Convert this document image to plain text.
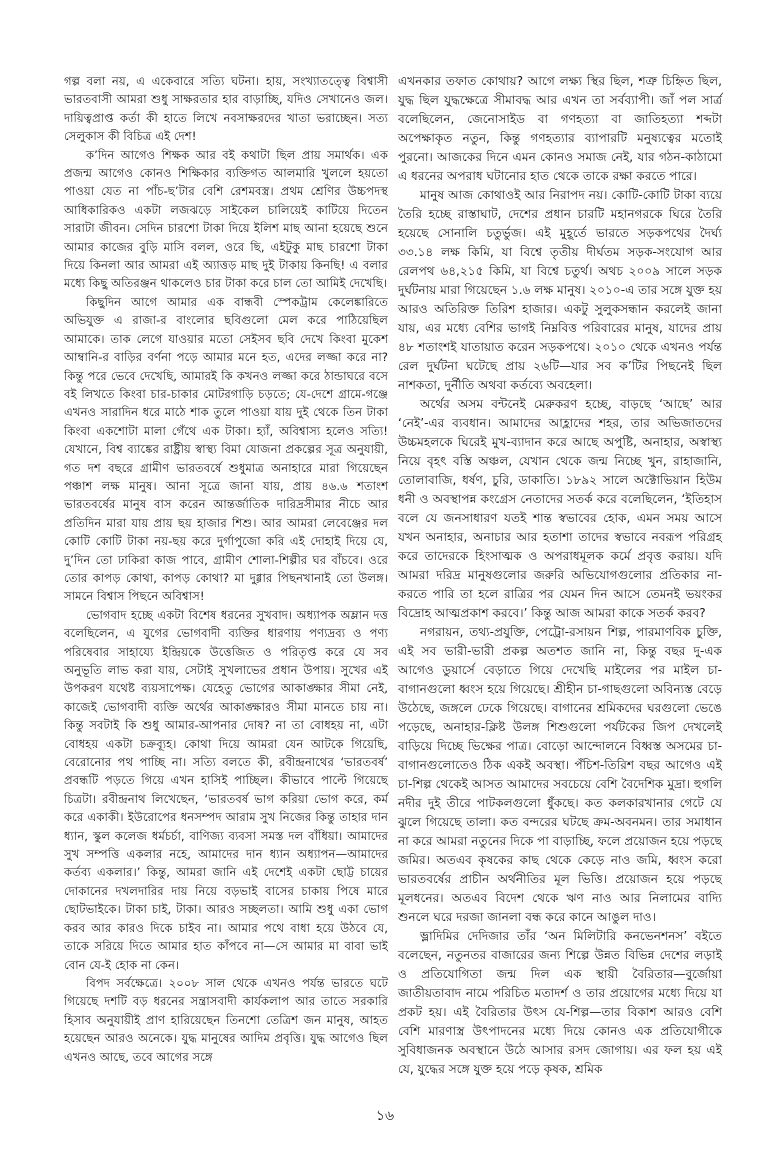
গল্প বলা নয়, এ একেবারে সত্যি ঘটনা। হায়, সংখ্যাতত্ত্বে বিশ্বাসী ভারতবাসী আমরা শুধু সাক্ষরতার হার বাড়াচ্ছি, যদিও সেখানেও জল। দায়িত্বপ্রাপ্ত কর্তা কী হাতে লিখে নবসাক্ষরদের খাতা ভরাচ্ছেন। সত্য সেলুকাস কী বিচিত্র এই দেশ!

ক’দিন আগেও শিক্ষক আর বই কথাটা ছিল প্রায় সমার্থক। এক প্রজন্ম আগেও কোনও শিক্ষিকার ব্যক্তিগত আলমারি খুললে হয়তো পাওয়া যেত না পাঁচ-ছ’টার বেশি রেশমবস্ত্র। প্রথম শ্রেণির উচ্চপদস্থ আধিকারিকও একটা লজঝড়ে সাইকেল চালিয়েই কাটিয়ে দিতেন সারাটা জীবন। সেদিন চারশো টাকা দিয়ে ইলিশ মাছ আনা হয়েছে শুনে আমার কাজের বুড়ি মাসি বলল, ওরে ছি, এইটুকু মাছ চারশো টাকা দিয়ে কিনলা আর আমরা এই অ্যাত্তড় মাছ দুই টাকায় কিনছি! এ বলার মধ্যে কিছু অতিরঞ্জন থাকলেও চার টাকা করে চাল তো আমিই দেখেছি।

কিছুদিন আগে আমার এক বান্ধবী স্পেকট্রাম কেলেঙ্কারিতে অভিযুক্ত এ রাজা-র বাংলোর ছবিগুলো মেল করে পাঠিয়েছিল আমাকে। তাক লেগে যাওয়ার মতো সেইসব ছবি দেখে কিংবা মুকেশ আম্বানি-র বাড়ির বর্ণনা পড়ে আমার মনে হত, এদের লজ্জা করে না? কিন্তু পরে ভেবে দেখেছি, আমারই কি কখনও লজ্জা করে ঠান্ডাঘরে বসে বই লিখতে কিংবা চার-চাকার মোটরগাড়ি চড়তে; যে-দেশে গ্রামে-গঞ্জে এখনও সারাদিন ধরে মাঠে শাক তুলে পাওয়া যায় দুই থেকে তিন টাকা কিংবা একশোটা মালা গেঁথে এক টাকা। হ্যাঁ, অবিশ্বাস্য হলেও সত্যি! যেখানে, বিশ্ব ব্যাঙ্কের রাষ্ট্রীয় স্বাস্থ্য বিমা যোজনা প্রকল্পের সূত্র অনুযায়ী, গত দশ বছরে গ্রামীণ ভারতবর্ষে শুধুমাত্র অনাহারে মারা গিয়েছেন পঞ্চাশ লক্ষ মানুষ। আনা সূত্রে জানা যায়, প্রায় ৪৬.৬ শতাংশ ভারতবর্ষের মানুষ বাস করেন আন্তর্জাতিক দারিদ্রসীমার নীচে আর প্রতিদিন মারা যায় প্রায় ছয় হাজার শিশু। আর আমরা লেবেঞ্জের দল কোটি কোটি টাকা নয়-ছয় করে দুর্গাপুজো করি এই দোহাই দিয়ে যে, দু’দিন তো ঢাকিরা কাজ পাবে, গ্রামীণ শোলা-শিল্পীর ঘর বাঁচবে। ওরে তোর কাপড় কোথা, কাপড় কোথা? মা দুগ্গার পিছনখানাই তো উলঙ্গ। সামনে বিশ্বাস পিছনে অবিশ্বাস!

ভোগবাদ হচ্ছে একটা বিশেষ ধরনের সুখবাদ। অধ্যাপক অম্লান দত্ত বলেছিলেন, এ যুগের ভোগবাদী ব্যক্তির ধারণায় পণ্যদ্রব্য ও পণ্য পরিষেবার সাহায্যে ইন্দ্রিয়কে উত্তেজিত ও পরিতৃপ্ত করে যে সব অনুভূতি লাভ করা যায়, সেটাই সুখলাভের প্রধান উপায়। সুখের এই উপকরণ যথেষ্ট ব্যয়সাপেক্ষ। যেহেতু ভোগের আকাঙ্ক্ষার সীমা নেই, কাজেই ভোগবাদী ব্যক্তি অর্থের আকাঙ্ক্ষারও সীমা মানতে চায় না। কিন্তু সবটাই কি শুধু আমার-আপনার দোষ? না তা বোধহয় না, এটা বোধহয় একটা চক্রব্যূহ। কোথা দিয়ে আমরা যেন আটকে গিয়েছি, বেরোনোর পথ পাচ্ছি না। সত্যি বলতে কী, রবীন্দ্রনাথের ‘ভারতবর্ষ’ প্রবন্ধটি পড়তে গিয়ে এখন হাসিই পাচ্ছিল। কীভাবে পাল্টে গিয়েছে চিত্রটা। রবীন্দ্রনাথ লিখেছেন, ‘ভারতবর্ষ ভাগ করিয়া ভোগ করে, কর্ম করে একাকী। ইউরোপের ধনসম্পদ আরাম সুখ নিজের কিন্তু তাহার দান ধ্যান, স্কুল কলেজ ধর্মচর্চা, বাণিজ্য ব্যবসা সমস্ত দল বাঁধিয়া। আমাদের সুখ সম্পত্তি একলার নহে, আমাদের দান ধ্যান অধ্যাপন—আমাদের কর্তব্য একলার।’ কিন্তু, আমরা জানি এই দেশেই একটা ছোট্ট চায়ের দোকানের দখলদারির দায় নিয়ে বড়ভাই বাসের চাকায় পিষে মারে ছোটভাইকে। টাকা চাই, টাকা। আরও সচ্ছলতা। আমি শুধু একা ভোগ করব আর কারও দিকে চাইব না। আমার পথে বাধা হয়ে উঠবে যে, তাকে সরিয়ে দিতে আমার হাত কাঁপবে না—সে আমার মা বাবা ভাই বোন যে-ই হোক না কেন।

বিপদ সর্বক্ষেত্রে। ২০০৮ সাল থেকে এখনও পর্যন্ত ভারতে ঘটে গিয়েছে দশটি বড় ধরনের সন্ত্রাসবাদী কার্যকলাপ আর তাতে সরকারি হিসাব অনুযায়ীই প্রাণ হারিয়েছেন তিনশো তেত্রিশ জন মানুষ, আহত হয়েছেন আরও অনেকে। যুদ্ধ মানুষের আদিম প্রবৃত্তি। যুদ্ধ আগেও ছিল এখনও আছে, তবে আগের সঙ্গে

এখনকার তফাত কোথায়? আগে লক্ষ্য স্থির ছিল, শত্রু চিহ্নিত ছিল, যুদ্ধ ছিল যুদ্ধক্ষেত্রে সীমাবদ্ধ আর এখন তা সর্বব্যাপী। জাঁ পল সার্ত্র বলেছিলেন, জেনোসাইড বা গণহত্যা বা জাতিহত্যা শব্দটা অপেক্ষাকৃত নতুন, কিন্তু গণহত্যার ব্যাপারটি মনুষ্যত্বের মতোই পুরনো। আজকের দিনে এমন কোনও সমাজ নেই, যার গঠন-কাঠামো এ ধরনের অপরাধ ঘটানোর হাত থেকে তাকে রক্ষা করতে পারে।

মানুষ আজ কোথাওই আর নিরাপদ নয়। কোটি-কোটি টাকা ব্যয়ে তৈরি হচ্ছে রাস্তাঘাট, দেশের প্রধান চারটি মহানগরকে ঘিরে তৈরি হয়েছে সোনালি চতুর্ভুজ। এই মুহূর্তে ভারতে সড়কপথের দৈর্ঘ্য ৩৩.১৪ লক্ষ কিমি, যা বিশ্বে তৃতীয় দীর্ঘতম সড়ক-সংযোগ আর রেলপথ ৬৪,২১৫ কিমি, যা বিশ্বে চতুর্থ। অথচ ২০০৯ সালে সড়ক দুর্ঘটনায় মারা গিয়েছেন ১.৬ লক্ষ মানুষ। ২০১০-এ তার সঙ্গে যুক্ত হয় আরও অতিরিক্ত তিরিশ হাজার। একটু সুলুকসন্ধান করলেই জানা যায়, এর মধ্যে বেশির ভাগই নিম্নবিত্ত পরিবারের মানুষ, যাদের প্রায় ৪৮ শতাংশই যাতায়াত করেন সড়কপথে। ২০১০ থেকে এখনও পর্যন্ত রেল দুর্ঘটনা ঘটেছে প্রায় ২৬টি—যার সব ক’টির পিছনেই ছিল নাশকতা, দুর্নীতি অথবা কর্তব্যে অবহেলা।

অর্থের অসম বন্টনেই মেরুকরণ হচ্ছে, বাড়ছে ‘আছে’ আর ‘নেই’-এর ব্যবধান। আমাদের আহ্লাদের শহর, তার অভিজাতদের উচ্চমহলকে ঘিরেই মুখ-ব্যাদান করে আছে অপুষ্টি, অনাহার, অস্বাস্থ্য নিয়ে বৃহৎ বস্তি অঞ্চল, যেখান থেকে জন্ম নিচ্ছে খুন, রাহাজানি, তোলাবাজি, ধর্ষণ, চুরি, ডাকাতি। ১৮৯২ সালে অক্টোভিয়ান হিউম ধনী ও অবস্থাপন্ন কংগ্রেস নেতাদের সতর্ক করে বলেছিলেন, ‘ইতিহাস বলে যে জনসাধারণ যতই শান্ত স্বভাবের হোক, এমন সময় আসে যখন অনাহার, অনাচার আর হতাশা তাদের স্বভাবে নবরূপ পরিগ্রহ করে তাদেরকে হিংসাত্মক ও অপরাধমূলক কর্মে প্রবৃত্ত করায়। যদি আমরা দরিদ্র মানুষগুলোর জরুরি অভিযোগগুলোর প্রতিকার না-করতে পারি তা হলে রাত্রির পর যেমন দিন আসে তেমনই ভয়ংকর বিদ্রোহ আত্মপ্রকাশ করবে।’ কিন্তু আজ আমরা কাকে সতর্ক করব?

নগরায়ন, তথ্য-প্রযুক্তি, পেট্রো-রসায়ন শিল্প, পারমাণবিক চুক্তি, এই সব ভারী-ভারী প্রকল্প অতশত জানি না, কিন্তু বছর দু-এক আগেও ডুয়ার্সে বেড়াতে গিয়ে দেখেছি মাইলের পর মাইল চা-বাগানগুলো ধ্বংস হয়ে গিয়েছে। শ্রীহীন চা-গাছগুলো অবিন্যস্ত বেড়ে উঠেছে, জঙ্গলে ঢেকে গিয়েছে। বাগানের শ্রমিকদের ঘরগুলো ভেঙে পড়েছে, অনাহার-ক্লিষ্ট উলঙ্গ শিশুগুলো পর্যটকের জিপ দেখলেই বাড়িয়ে দিচ্ছে ভিক্ষের পাত্র। বোড়ো আন্দোলনে বিধ্বস্ত অসমের চা-বাগানগুলোতেও ঠিক একই অবস্থা। পঁচিশ-তিরিশ বছর আগেও এই চা-শিল্প থেকেই আসত আমাদের সবচেয়ে বেশি বৈদেশিক মুদ্রা। হুগলি নদীর দুই তীরে পাটকলগুলো ধুঁকছে। কত কলকারখানার গেটে যে ঝুলে গিয়েছে তালা। কত বন্দরের ঘটছে ক্রম-অবনমন। তার সমাধান না করে আমরা নতুনের দিকে পা বাড়াচ্ছি, ফলে প্রয়োজন হয়ে পড়ছে জমির। অতএব কৃষকের কাছ থেকে কেড়ে নাও জমি, ধ্বংস করো ভারতবর্ষের প্রাচীন অর্থনীতির মূল ভিত্তি। প্রয়োজন হয়ে পড়ছে মূলধনের। অতএব বিদেশ থেকে ঋণ নাও আর নিলামের বাদ্যি শুনলে ঘরে দরজা জানলা বন্ধ করে কানে আঙুল দাও।

ভ্লাদিমির দেদিজার তাঁর ‘অন মিলিটারি কনভেনশনস’ বইতে বলেছেন, নতুনতর বাজারের জন্য শিল্পে উন্নত বিভিন্ন দেশের লড়াই ও প্রতিযোগিতা জন্ম দিল এক স্থায়ী বৈরিতার—বুর্জোয়া জাতীয়তাবাদ নামে পরিচিত মতাদর্শ ও তার প্রয়োগের মধ্যে দিয়ে যা প্রকট হয়। এই বৈরিতার উৎস যে-শিল্প—তার বিকাশ আরও বেশি বেশি মারণাস্ত্র উৎপাদনের মধ্যে দিয়ে কোনও এক প্রতিযোগীকে সুবিধাজনক অবস্থানে উঠে আসার রসদ জোগায়। এর ফল হয় এই যে, যুদ্ধের সঙ্গে যুক্ত হয়ে পড়ে কৃষক, শ্রমিক

১৬
